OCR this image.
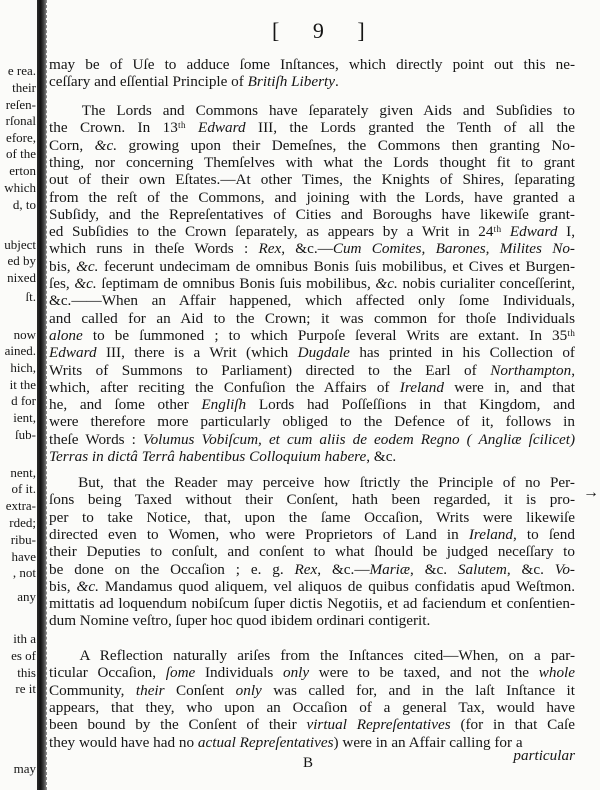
[ 9 ]
e rea.
their
reſen-
rſonal
efore,
of the
erton
which
d, to
ubject
ed by
nixed
ſt.
now
ained.
hich,
it the
d for
ient,
ſub-
nent,
of it.
extra-
rded;
ribu-
have
, not
any
ith a
es of
this
re it
may
may be of Uſe to adduce ſome Inſtances, which directly point out this ne-
ceſſary and eſſential Principle of Britiſh Liberty.
The Lords and Commons have ſeparately given Aids and Subſidies to
the Crown. In 13ᵗʰ Edward III, the Lords granted the Tenth of all the
Corn, &c. growing upon their Demeſnes, the Commons then granting No-
thing, nor concerning Themſelves with what the Lords thought fit to grant
out of their own Eſtates.—At other Times, the Knights of Shires, ſeparating
from the reſt of the Commons, and joining with the Lords, have granted a
Subſidy, and the Repreſentatives of Cities and Boroughs have likewiſe grant-
ed Subſidies to the Crown ſeparately, as appears by a Writ in 24ᵗʰ Edward I,
which runs in theſe Words : Rex, &c.—Cum Comites, Barones, Milites No-
bis, &c. fecerunt undecimam de omnibus Bonis ſuis mobilibus, et Cives et Burgen-
ſes, &c. ſeptimam de omnibus Bonis ſuis mobilibus, &c. nobis curialiter conceſſerint,
&c.——When an Affair happened, which affected only ſome Individuals,
and called for an Aid to the Crown; it was common for thoſe Individuals
alone to be ſummoned ; to which Purpoſe ſeveral Writs are extant. In 35ᵗʰ
Edward III, there is a Writ (which Dugdale has printed in his Collection of
Writs of Summons to Parliament) directed to the Earl of Northampton,
which, after reciting the Confuſion the Affairs of Ireland were in, and that
he, and ſome other Engliſh Lords had Poſſeſſions in that Kingdom, and
were therefore more particularly obliged to the Defence of it, follows in
theſe Words : Volumus Vobiſcum, et cum aliis de eodem Regno ( Angliæ ſcilicet)
Terras in dictâ Terrâ habentibus Colloquium habere, &c.
But, that the Reader may perceive how ſtrictly the Principle of no Per-
ſons being Taxed without their Conſent, hath been regarded, it is pro-
per to take Notice, that, upon the ſame Occaſion, Writs were likewiſe
directed even to Women, who were Proprietors of Land in Ireland, to ſend
their Deputies to conſult, and conſent to what ſhould be judged neceſſary to
be done on the Occaſion ; e. g. Rex, &c.—Mariæ, &c. Salutem, &c. Vo-
bis, &c. Mandamus quod aliquem, vel aliquos de quibus confidatis apud Weſtmon.
mittatis ad loquendum nobiſcum ſuper dictis Negotiis, et ad faciendum et conſentien-
dum Nomine veſtro, ſuper hoc quod ibidem ordinari contigerit.
A Reflection naturally ariſes from the Inſtances cited—When, on a par-
ticular Occaſion, ſome Individuals only were to be taxed, and not the whole
Community, their Conſent only was called for, and in the laſt Inſtance it
appears, that they, who upon an Occaſion of a general Tax, would have
been bound by the Conſent of their virtual Repreſentatives (for in that Caſe
they would have had no actual Repreſentatives) were in an Affair calling for a
B
→
particular
